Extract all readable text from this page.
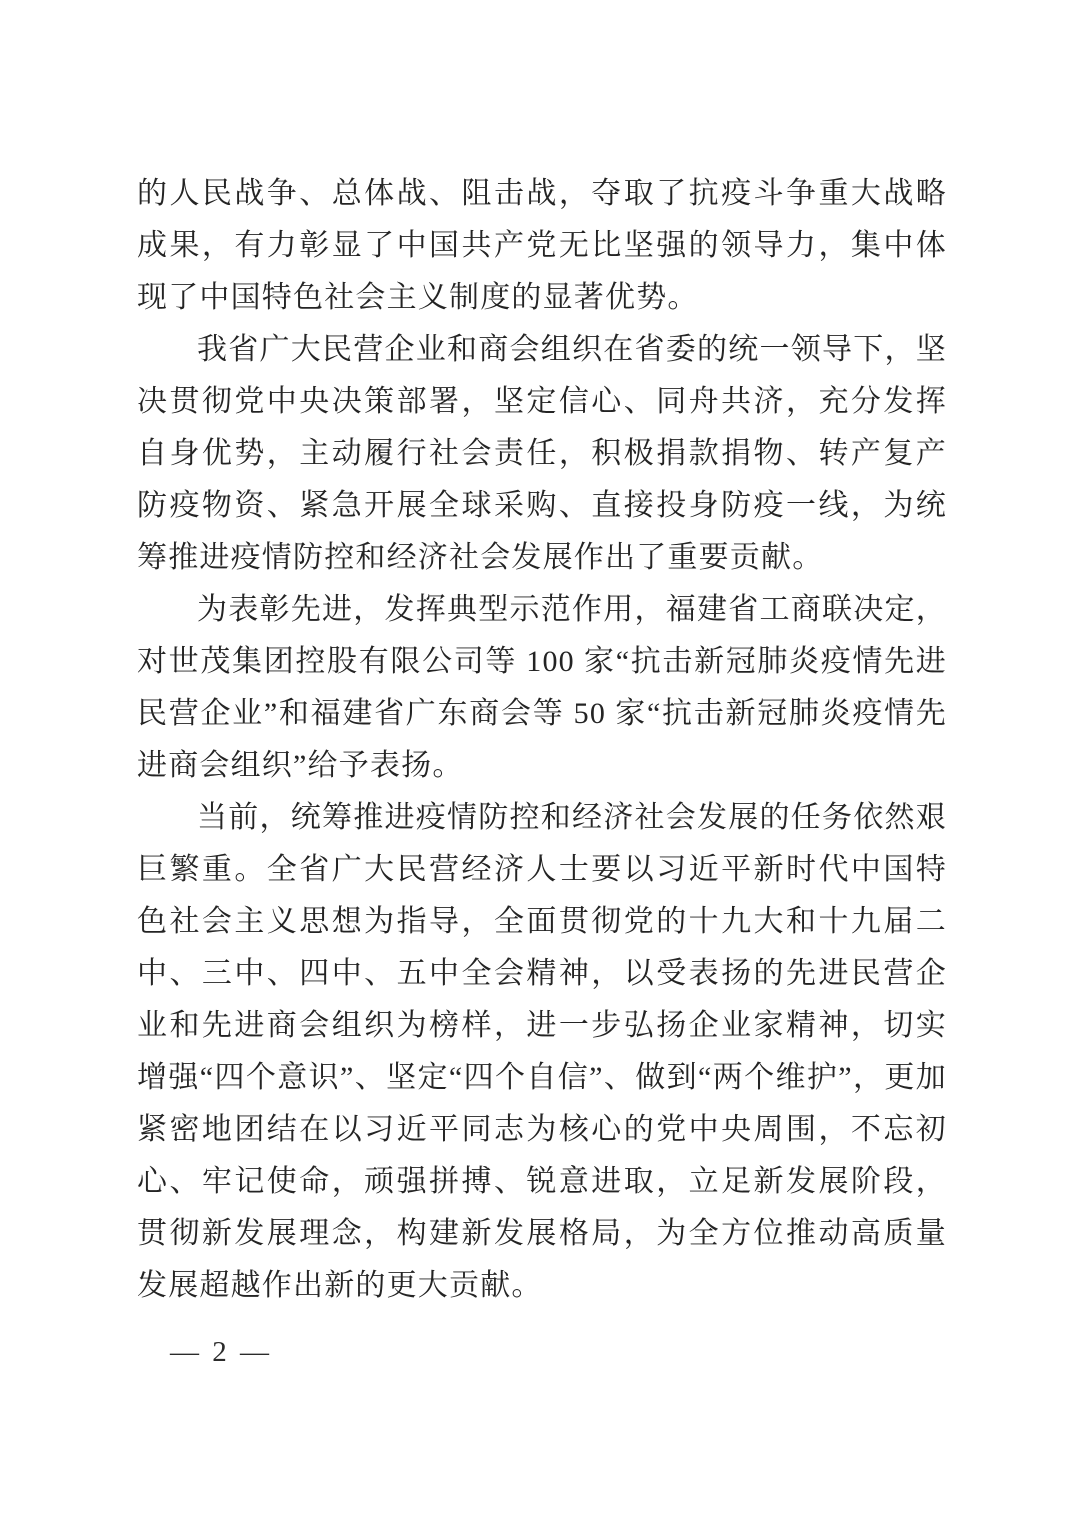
的人民战争、总体战、阻击战，夺取了抗疫斗争重大战略成果，有力彰显了中国共产党无比坚强的领导力，集中体现了中国特色社会主义制度的显著优势。

我省广大民营企业和商会组织在省委的统一领导下，坚决贯彻党中央决策部署，坚定信心、同舟共济，充分发挥自身优势，主动履行社会责任，积极捐款捐物、转产复产防疫物资、紧急开展全球采购、直接投身防疫一线，为统筹推进疫情防控和经济社会发展作出了重要贡献。

为表彰先进，发挥典型示范作用，福建省工商联决定，对世茂集团控股有限公司等 100 家“抗击新冠肺炎疫情先进民营企业”和福建省广东商会等 50 家“抗击新冠肺炎疫情先进商会组织”给予表扬。

当前，统筹推进疫情防控和经济社会发展的任务依然艰巨繁重。全省广大民营经济人士要以习近平新时代中国特色社会主义思想为指导，全面贯彻党的十九大和十九届二中、三中、四中、五中全会精神，以受表扬的先进民营企业和先进商会组织为榜样，进一步弘扬企业家精神，切实增强“四个意识”、坚定“四个自信”、做到“两个维护”，更加紧密地团结在以习近平同志为核心的党中央周围，不忘初心、牢记使命，顽强拼搏、锐意进取，立足新发展阶段，贯彻新发展理念，构建新发展格局，为全方位推动高质量发展超越作出新的更大贡献。

— 2 —
